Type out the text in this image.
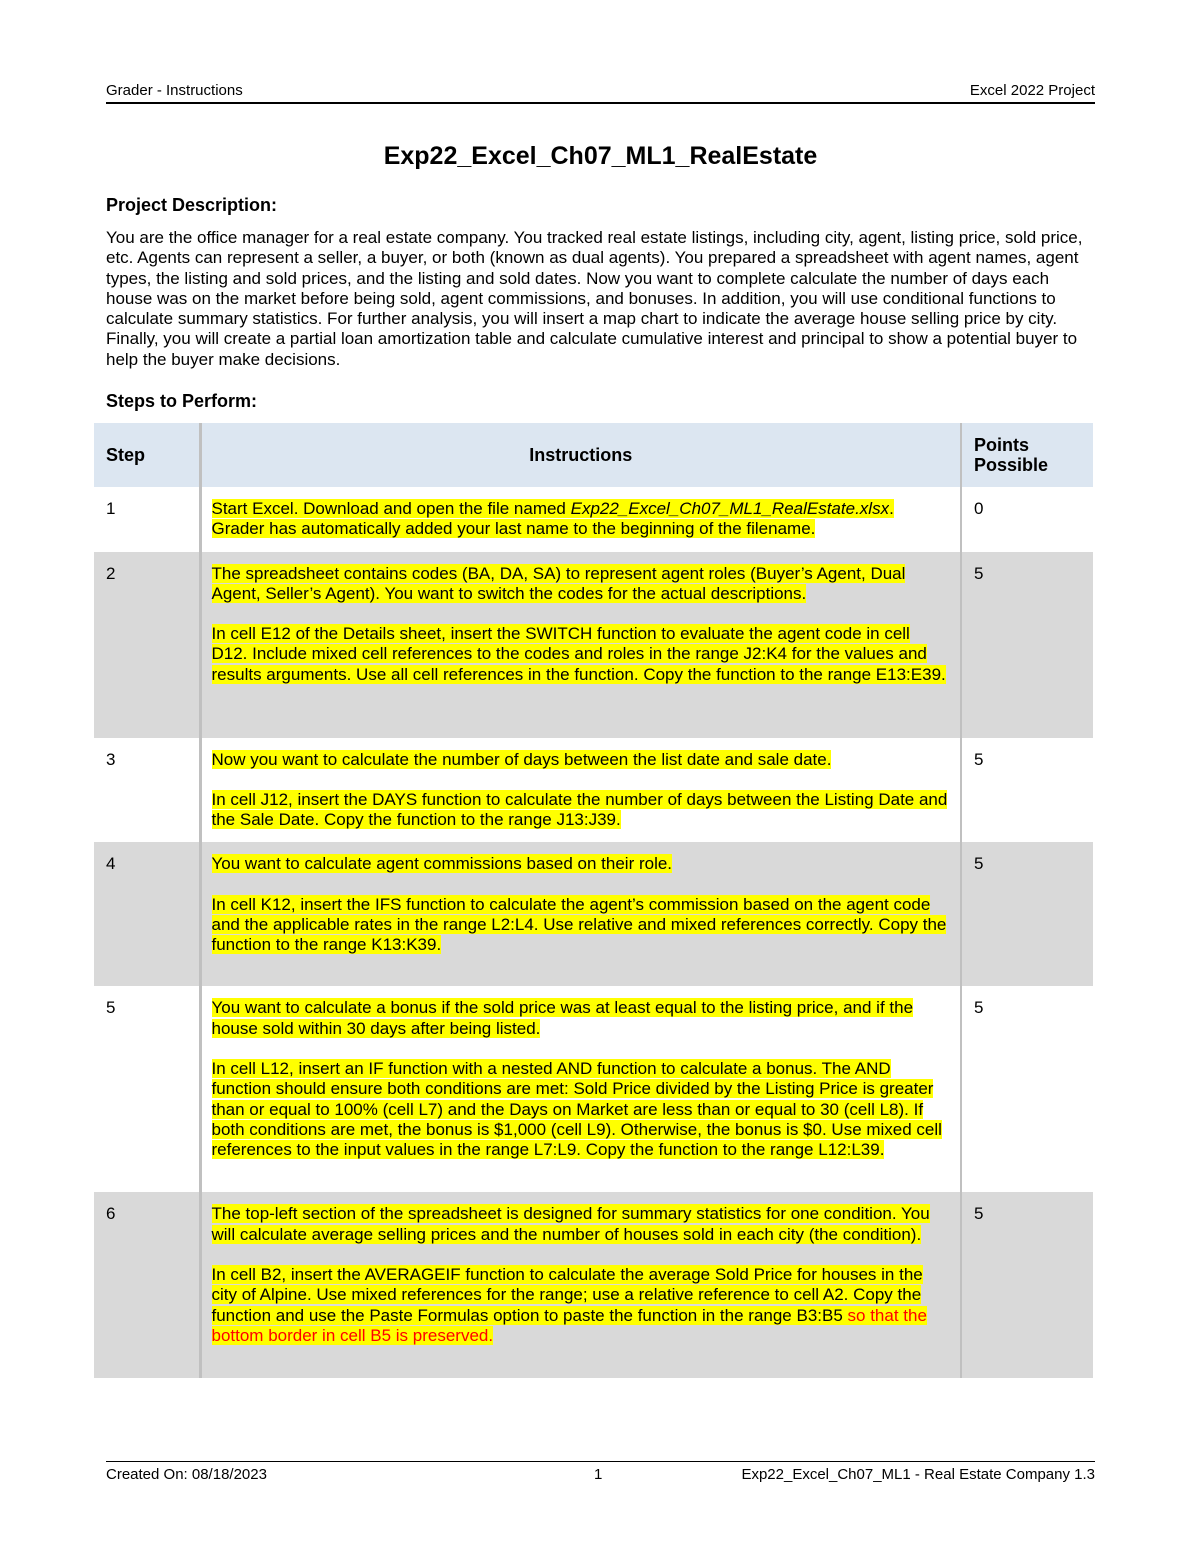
Grader - Instructions	Excel 2022 Project
Exp22_Excel_Ch07_ML1_RealEstate
Project Description:
You are the office manager for a real estate company. You tracked real estate listings, including city, agent, listing price, sold price, etc. Agents can represent a seller, a buyer, or both (known as dual agents). You prepared a spreadsheet with agent names, agent types, the listing and sold prices, and the listing and sold dates. Now you want to complete calculate the number of days each house was on the market before being sold, agent commissions, and bonuses. In addition, you will use conditional functions to calculate summary statistics. For further analysis, you will insert a map chart to indicate the average house selling price by city. Finally, you will create a partial loan amortization table and calculate cumulative interest and principal to show a potential buyer to help the buyer make decisions.
Steps to Perform:
Step	Instructions	Points Possible
1	Start Excel. Download and open the file named Exp22_Excel_Ch07_ML1_RealEstate.xlsx. Grader has automatically added your last name to the beginning of the filename.	0
2	The spreadsheet contains codes (BA, DA, SA) to represent agent roles (Buyer’s Agent, Dual Agent, Seller’s Agent). You want to switch the codes for the actual descriptions.

In cell E12 of the Details sheet, insert the SWITCH function to evaluate the agent code in cell D12. Include mixed cell references to the codes and roles in the range J2:K4 for the values and results arguments. Use all cell references in the function. Copy the function to the range E13:E39.	5
3	Now you want to calculate the number of days between the list date and sale date.

In cell J12, insert the DAYS function to calculate the number of days between the Listing Date and the Sale Date. Copy the function to the range J13:J39.	5
4	You want to calculate agent commissions based on their role.

In cell K12, insert the IFS function to calculate the agent’s commission based on the agent code and the applicable rates in the range L2:L4. Use relative and mixed references correctly. Copy the function to the range K13:K39.	5
5	You want to calculate a bonus if the sold price was at least equal to the listing price, and if the house sold within 30 days after being listed.

In cell L12, insert an IF function with a nested AND function to calculate a bonus. The AND function should ensure both conditions are met: Sold Price divided by the Listing Price is greater than or equal to 100% (cell L7) and the Days on Market are less than or equal to 30 (cell L8). If both conditions are met, the bonus is $1,000 (cell L9). Otherwise, the bonus is $0. Use mixed cell references to the input values in the range L7:L9. Copy the function to the range L12:L39.	5
6	The top-left section of the spreadsheet is designed for summary statistics for one condition. You will calculate average selling prices and the number of houses sold in each city (the condition).

In cell B2, insert the AVERAGEIF function to calculate the average Sold Price for houses in the city of Alpine. Use mixed references for the range; use a relative reference to cell A2. Copy the function and use the Paste Formulas option to paste the function in the range B3:B5 so that the bottom border in cell B5 is preserved.	5
Created On: 08/18/2023	1	Exp22_Excel_Ch07_ML1 - Real Estate Company 1.3
